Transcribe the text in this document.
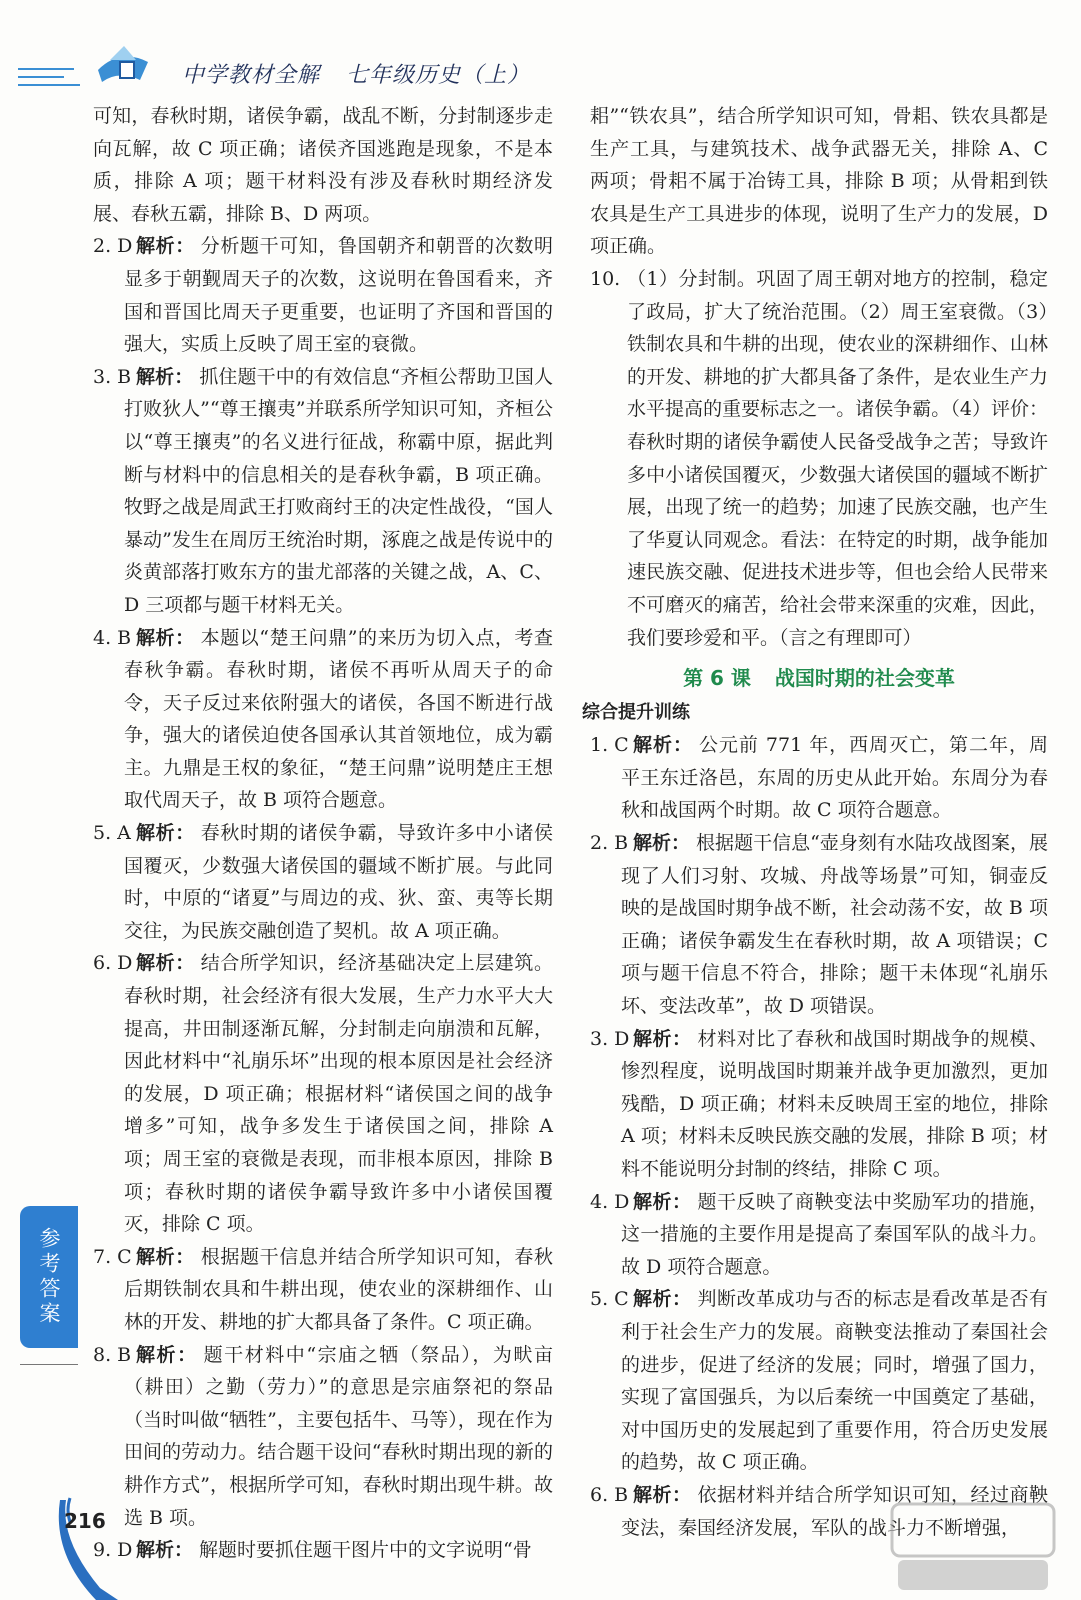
中学教材全解 七年级历史（上）
可知，春秋时期，诸侯争霸，战乱不断，分封制逐步走向瓦解，故 C 项正确；诸侯齐国逃跑是现象，不是本质，排除 A 项；题干材料没有涉及春秋时期经济发展、春秋五霸，排除 B、D 两项。
2. D 解析： 分析题干可知，鲁国朝齐和朝晋的次数明显多于朝觐周天子的次数，这说明在鲁国看来，齐国和晋国比周天子更重要，也证明了齐国和晋国的强大，实质上反映了周王室的衰微。
3. B 解析： 抓住题干中的有效信息“齐桓公帮助卫国人打败狄人”“尊王攘夷”并联系所学知识可知，齐桓公以“尊王攘夷”的名义进行征战，称霸中原，据此判断与材料中的信息相关的是春秋争霸，B 项正确。牧野之战是周武王打败商纣王的决定性战役，“国人暴动”发生在周厉王统治时期，涿鹿之战是传说中的炎黄部落打败东方的蚩尤部落的关键之战，A、C、D 三项都与题干材料无关。
4. B 解析： 本题以“楚王问鼎”的来历为切入点，考查春秋争霸。春秋时期，诸侯不再听从周天子的命令，天子反过来依附强大的诸侯，各国不断进行战争，强大的诸侯迫使各国承认其首领地位，成为霸主。九鼎是王权的象征，“楚王问鼎”说明楚庄王想取代周天子，故 B 项符合题意。
5. A 解析： 春秋时期的诸侯争霸，导致许多中小诸侯国覆灭，少数强大诸侯国的疆域不断扩展。与此同时，中原的“诸夏”与周边的戎、狄、蛮、夷等长期交往，为民族交融创造了契机。故 A 项正确。
6. D 解析： 结合所学知识，经济基础决定上层建筑。春秋时期，社会经济有很大发展，生产力水平大大提高，井田制逐渐瓦解，分封制走向崩溃和瓦解，因此材料中“礼崩乐坏”出现的根本原因是社会经济的发展，D 项正确；根据材料“诸侯国之间的战争增多”可知，战争多发生于诸侯国之间，排除 A 项；周王室的衰微是表现，而非根本原因，排除 B 项；春秋时期的诸侯争霸导致许多中小诸侯国覆灭，排除 C 项。
7. C 解析： 根据题干信息并结合所学知识可知，春秋后期铁制农具和牛耕出现，使农业的深耕细作、山林的开发、耕地的扩大都具备了条件。C 项正确。
8. B 解析： 题干材料中“宗庙之牺（祭品），为畎亩（耕田）之勤（劳力）”的意思是宗庙祭祀的祭品（当时叫做“牺牲”，主要包括牛、马等），现在作为田间的劳动力。结合题干设问“春秋时期出现的新的耕作方式”，根据所学可知，春秋时期出现牛耕。故选 B 项。
9. D 解析： 解题时要抓住题干图片中的文字说明“骨
耜”“铁农具”，结合所学知识可知，骨耜、铁农具都是生产工具，与建筑技术、战争武器无关，排除 A、C 两项；骨耜不属于冶铸工具，排除 B 项；从骨耜到铁农具是生产工具进步的体现，说明了生产力的发展，D 项正确。
10. （1）分封制。巩固了周王朝对地方的控制，稳定了政局，扩大了统治范围。（2）周王室衰微。（3）铁制农具和牛耕的出现，使农业的深耕细作、山林的开发、耕地的扩大都具备了条件，是农业生产力水平提高的重要标志之一。诸侯争霸。（4）评价：春秋时期的诸侯争霸使人民备受战争之苦；导致许多中小诸侯国覆灭，少数强大诸侯国的疆域不断扩展，出现了统一的趋势；加速了民族交融，也产生了华夏认同观念。看法：在特定的时期，战争能加速民族交融、促进技术进步等，但也会给人民带来不可磨灭的痛苦，给社会带来深重的灾难，因此，我们要珍爱和平。（言之有理即可）
第 6 课 战国时期的社会变革
综合提升训练
1. C 解析： 公元前 771 年，西周灭亡，第二年，周平王东迁洛邑，东周的历史从此开始。东周分为春秋和战国两个时期。故 C 项符合题意。
2. B 解析： 根据题干信息“壶身刻有水陆攻战图案，展现了人们习射、攻城、舟战等场景”可知，铜壶反映的是战国时期争战不断，社会动荡不安，故 B 项正确；诸侯争霸发生在春秋时期，故 A 项错误；C 项与题干信息不符合，排除；题干未体现“礼崩乐坏、变法改革”，故 D 项错误。
3. D 解析： 材料对比了春秋和战国时期战争的规模、惨烈程度，说明战国时期兼并战争更加激烈，更加残酷，D 项正确；材料未反映周王室的地位，排除 A 项；材料未反映民族交融的发展，排除 B 项；材料不能说明分封制的终结，排除 C 项。
4. D 解析： 题干反映了商鞅变法中奖励军功的措施，这一措施的主要作用是提高了秦国军队的战斗力。故 D 项符合题意。
5. C 解析： 判断改革成功与否的标志是看改革是否有利于社会生产力的发展。商鞅变法推动了秦国社会的进步，促进了经济的发展；同时，增强了国力，实现了富国强兵，为以后秦统一中国奠定了基础，对中国历史的发展起到了重要作用，符合历史发展的趋势，故 C 项正确。
6. B 解析： 依据材料并结合所学知识可知，经过商鞅变法，秦国经济发展，军队的战斗力不断增强，
参考答案
216
